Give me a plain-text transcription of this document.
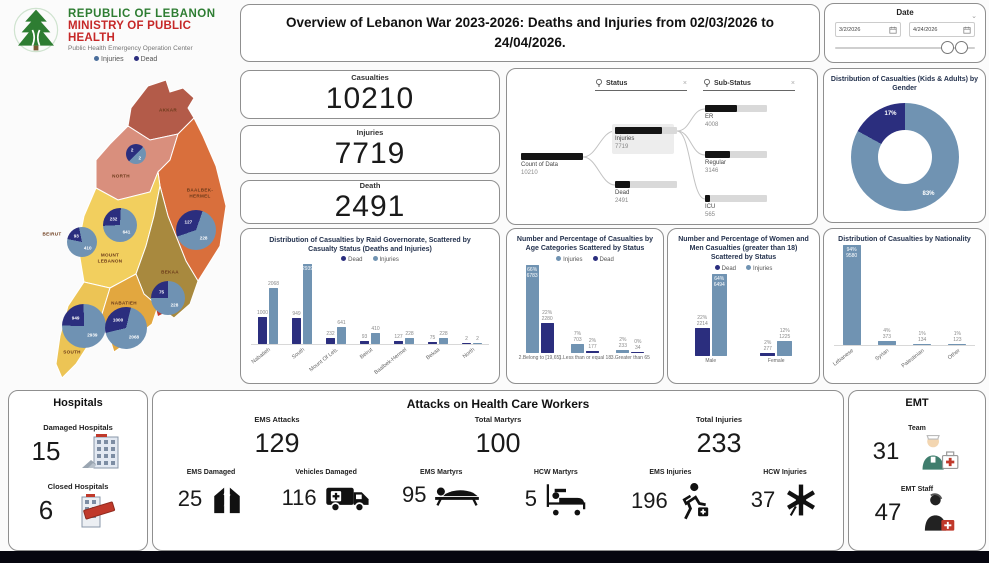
REPUBLIC OF LEBANON
MINISTRY OF PUBLIC HEALTH
Public Health Emergency Operation Center
Injuries	Dead
Overview of Lebanon War 2023-2026: Deaths and Injuries from 02/03/2026 to 24/04/2026.
Date	⌄
3/2/2026	4/24/2026
AKKAR
NORTH
2
2
MOUNT
LEBANON
232
641
BEIRUT
93
410
BAALBEK-
HERMEL
127
228
BEKAA
75
228
SOUTH
949
2939
NABATIEH
1000
2068
Casualties
10210
Injuries
7719
Death
2491
Status	×	Sub-Status	×
Count of Data
10210
Injuries
7719
Dead
2491
ER
4008
Regular
3146
ICU
565
Distribution of Casualties (Kids & Adults) by Gender
17%
83%
Distribution of Casualties by Raid Governorate, Scattered by Casualty Status (Deaths and Injuries)
Dead	Injuries
1000
2068
Nabatieh
949
2939
South
232
641
Mount Of Leb.
93
410
Beirut
127 228
Baalbek-Hermel
75
228
Bekaa
2 2
North
Number and Percentage of Casualties by Age Categories Scattered by Status
Injuries	Dead
66%
6783
22%
2280
2.Belong to [19,65]
7%
703 2%
177
1.Less than or equal 18
2%
233
0%
34
3.Greater than 65
Number and Percentage of Women and Men Casualties (greater than 18) Scattered by Status
Dead	Injuries
22%
2214
64%
6494
Male
2%
277
12%
1225
Female
Distribution of Casualties by Nationality
94%
9580
Lebanese
4%
373
Syrian
1%
134
Palestinian
1%
123
Other
Hospitals
Damaged Hospitals
15
Closed Hospitals
6
Attacks on Health Care Workers
EMS Attacks
129
Total Martyrs
100
Total Injuries
233
EMS Damaged
25
Vehicles Damaged
116
EMS Martyrs
95
HCW Martyrs
5
EMS Injuries
196
HCW Injuries
37
EMT
Team
31
EMT Staff
47
